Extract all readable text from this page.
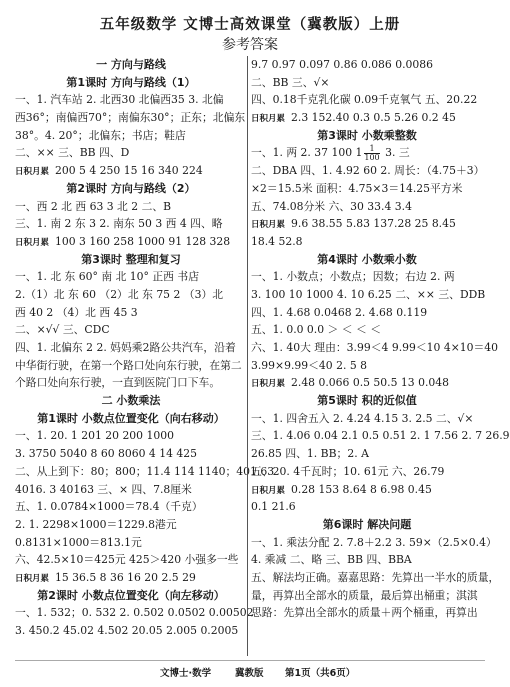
五年级数学 文博士高效课堂（冀教版）上册
参考答案
一 方向与路线
第1课时 方向与路线（1）
一、1. 汽车站 2. 北西30 北偏西35 3. 北偏
西36°；南偏西70°；南偏东30°；正东；北偏东
38°。4. 20°；北偏东；书店；鞋店
二、×× 三、BB 四、D
日积月累 200 5 4 250 15 16 340 224
第2课时 方向与路线（2）
一、西 2 北 西 63 3 北 2 二、B
三、1. 南 2 东 3 2. 南东 50 3 西 4 四、略
日积月累 100 3 160 258 1000 91 128 328
第3课时 整理和复习
一、1. 北 东 60° 南 北 10° 正西 书店
2.（1）北 东 60 （2）北 东 75 2 （3）北
西 40 2 （4）北 西 45 3
二、×√√ 三、CDC
四、1. 北偏东 2 2. 妈妈乘2路公共汽车，沿着
中华街行驶，在第一个路口处向东行驶，在第二
个路口处向东行驶，一直到医院门口下车。
二 小数乘法
第1课时 小数点位置变化（向右移动）
一、1. 20. 1 201 20 200 1000
3. 3750 5040 8 60 8060 4 14 425
二、从上到下：80；800；11.4 114 1140；401.63
4016. 3 40163 三、× 四、7.8厘米
五、1. 0.0784×1000＝78.4（千克）
2. 1. 2298×1000＝1229.8港元
0.8131×1000＝813.1元
六、42.5×10＝425元 425＞420 小强多一些
日积月累 15 36.5 8 36 16 20 2.5 29
第2课时 小数点位置变化（向左移动）
一、1. 532；0. 532 2. 0.502 0.0502 0.00502
3. 450.2 45.02 4.502 20.05 2.005 0.2005
9.7 0.97 0.097 0.86 0.086 0.0086
二、BB 三、√×
四、0.18千克乳化碳 0.09千克氧气 五、20.22
日积月累 2.3 152.40 0.3 0.5 5.26 0.2 45
第3课时 小数乘整数
一、1. 两 2. 37 100 $1 \frac{1}{100} 3$. 三
二、DBA 四、1. 4.92 60 2. 周长：（4.75＋3）
×2＝15.5米 面积：4.75×3＝14.25平方米
五、74.08分米 六、30 33.4 3.4
日积月累 9.6 38.55 5.83 137.28 25 8.45
18.4 52.8
第4课时 小数乘小数
一、1. 小数点；小数点；因数；右边 2. 两
3. 100 10 1000 4. 10 6.25 二、×× 三、DDB
四、1. 4.68 0.0468 2. 4.68 0.119
五、1. 0.0 0.0 ＞ ＜ ＜ ＜
六、1. 40大 理由：3.99＜4 9.99＜10 4×10＝40
3.99×9.99＜40 2. 5 8
日积月累 2.48 0.066 0.5 50.5 13 0.048
第5课时 积的近似值
一、1. 四舍五入 2. 4.24 4.15 3. 2.5 二、√×
三、1. 4.06 0.04 2.1 0.5 0.51 2. 1 7.56 2. 7 26.9
26.85 四、1. BB；2. A
五、20. 4千瓦时；10. 61元 六、26.79
日积月累 0.28 153 8.64 8 6.98 0.45
0.1 21.6
第6课时 解决问题
一、1. 乘法分配 2. 7.8＋2.2 3. 59×（2.5×0.4）
4. 乘减 二、略 三、BB 四、BBA
五、解法均正确。嘉嘉思路：先算出一半水的质量，
量，再算出全部水的质量，最后算出桶重；淇淇
思路：先算出全部水的质量＋两个桶重，再算出
文博士·数学	冀教版 第1页（共6页）
